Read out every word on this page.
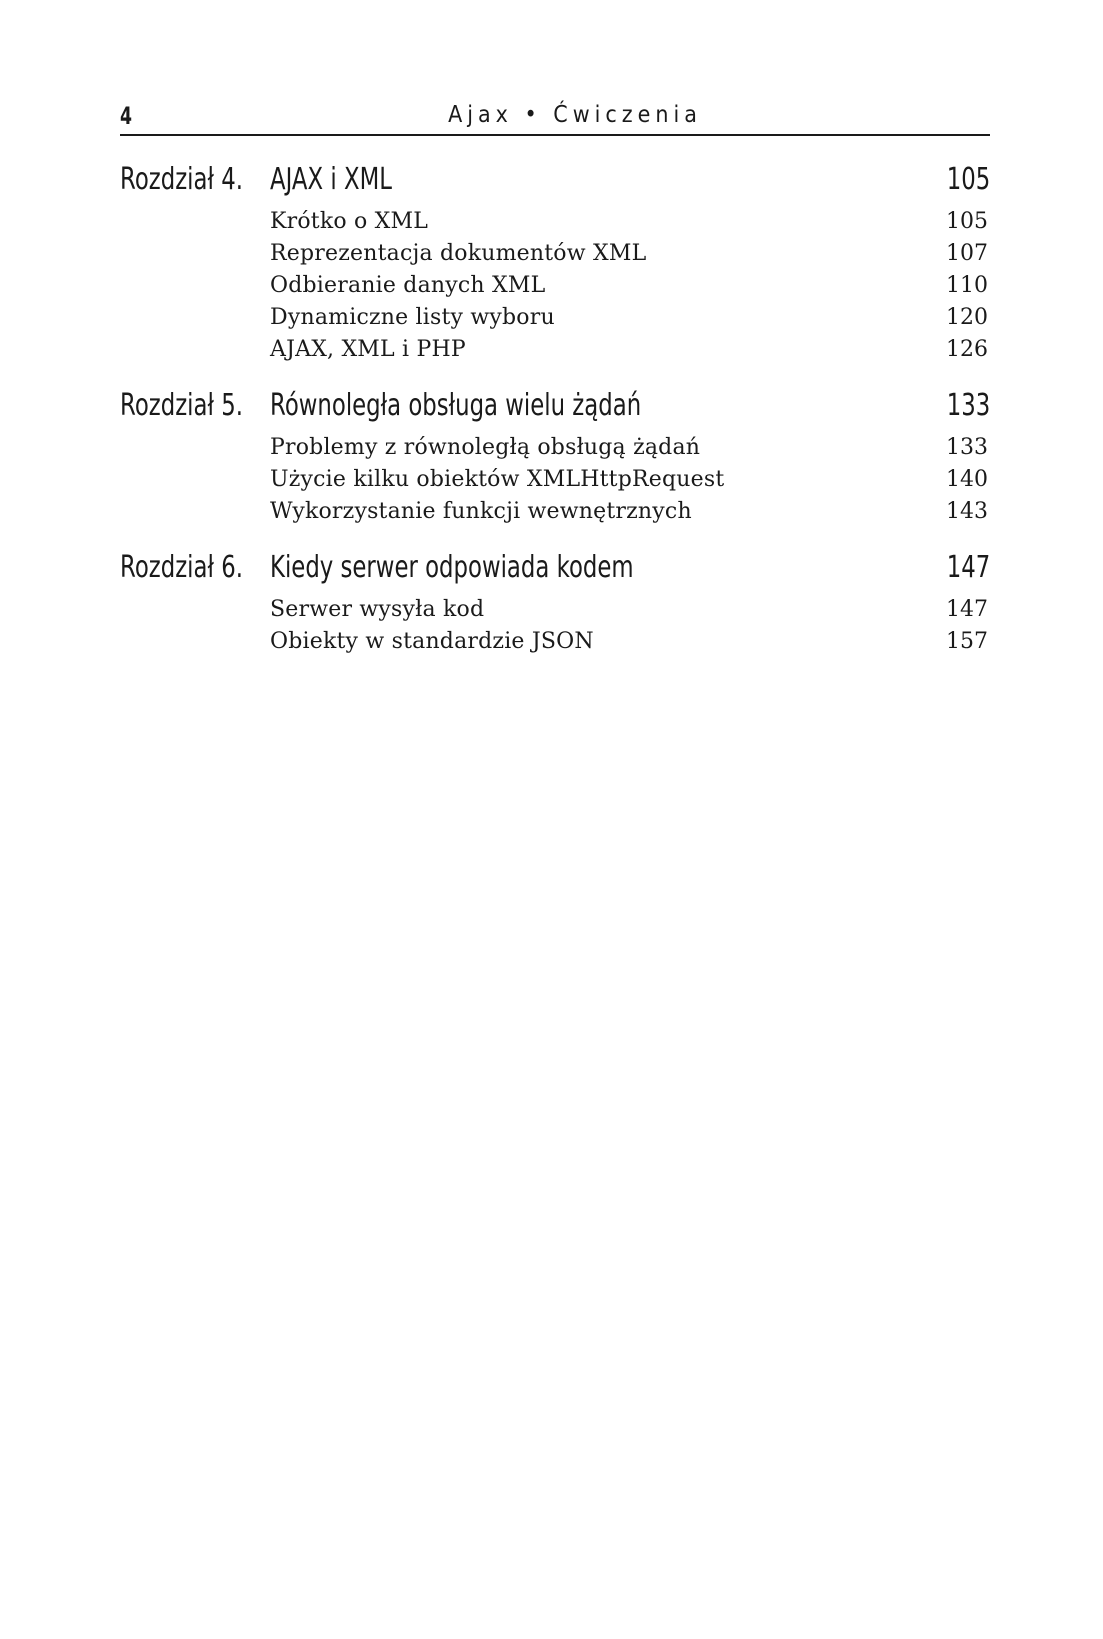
4	Ajax • Ćwiczenia
Rozdział 4. AJAX i XML	105
Krótko o XML	105
Reprezentacja dokumentów XML	107
Odbieranie danych XML	110
Dynamiczne listy wyboru	120
AJAX, XML i PHP	126
Rozdział 5. Równoległa obsługa wielu żądań	133
Problemy z równoległą obsługą żądań	133
Użycie kilku obiektów XMLHttpRequest	140
Wykorzystanie funkcji wewnętrznych	143
Rozdział 6. Kiedy serwer odpowiada kodem	147
Serwer wysyła kod	147
Obiekty w standardzie JSON	157
